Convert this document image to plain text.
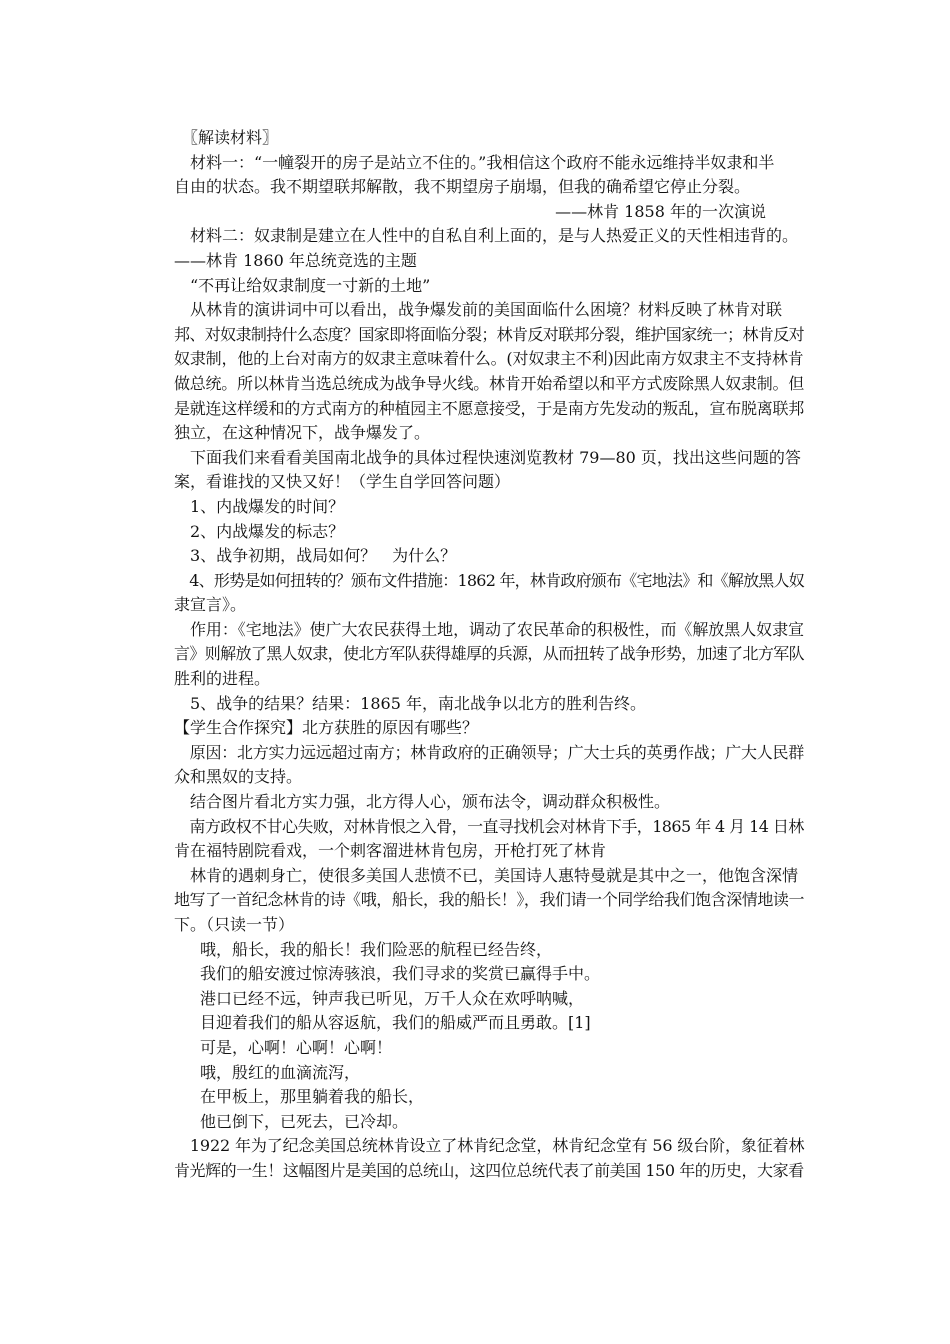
　〖解读材料〗
　材料一：“一幢裂开的房子是站立不住的。”我相信这个政府不能永远维持半奴隶和半
自由的状态。我不期望联邦解散，我不期望房子崩塌，但我的确希望它停止分裂。
——林肯 1858 年的一次演说
　材料二：奴隶制是建立在人性中的自私自利上面的，是与人热爱正义的天性相违背的。
——林肯 1860 年总统竞选的主题
　“不再让给奴隶制度一寸新的土地”
　从林肯的演讲词中可以看出，战争爆发前的美国面临什么困境？材料反映了林肯对联
邦、对奴隶制持什么态度？国家即将面临分裂；林肯反对联邦分裂，维护国家统一；林肯反对
奴隶制，他的上台对南方的奴隶主意味着什么。(对奴隶主不利)因此南方奴隶主不支持林肯
做总统。所以林肯当选总统成为战争导火线。林肯开始希望以和平方式废除黑人奴隶制。但
是就连这样缓和的方式南方的种植园主不愿意接受，于是南方先发动的叛乱，宣布脱离联邦
独立，在这种情况下，战争爆发了。
　下面我们来看看美国南北战争的具体过程快速浏览教材 79—80 页，找出这些问题的答
案，看谁找的又快又好！（学生自学回答问题）
　1、内战爆发的时间？
　2、内战爆发的标志？
　3、战争初期，战局如何？　为什么？
　4、形势是如何扭转的？颁布文件措施：1862 年，林肯政府颁布《宅地法》和《解放黑人奴
隶宣言》。
　作用：《宅地法》使广大农民获得土地，调动了农民革命的积极性，而《解放黑人奴隶宣
言》则解放了黑人奴隶，使北方军队获得雄厚的兵源，从而扭转了战争形势，加速了北方军队
胜利的进程。
　5、战争的结果？结果：1865 年，南北战争以北方的胜利告终。
【学生合作探究】北方获胜的原因有哪些？
　原因：北方实力远远超过南方；林肯政府的正确领导；广大士兵的英勇作战；广大人民群
众和黑奴的支持。
　结合图片看北方实力强，北方得人心，颁布法令，调动群众积极性。
　南方政权不甘心失败，对林肯恨之入骨，一直寻找机会对林肯下手，1865 年 4 月 14 日林
肯在福特剧院看戏，一个刺客溜进林肯包房，开枪打死了林肯
　林肯的遇刺身亡，使很多美国人悲愤不已，美国诗人惠特曼就是其中之一，他饱含深情
地写了一首纪念林肯的诗《哦，船长，我的船长！》，我们请一个同学给我们饱含深情地读一
下。（只读一节）
　哦，船长，我的船长！我们险恶的航程已经告终，
　我们的船安渡过惊涛骇浪，我们寻求的奖赏已赢得手中。
　港口已经不远，钟声我已听见，万千人众在欢呼呐喊，
　目迎着我们的船从容返航，我们的船威严而且勇敢。[1]
　可是，心啊！心啊！心啊！
　哦，殷红的血滴流泻，
　在甲板上，那里躺着我的船长，
　他已倒下，已死去，已冷却。
　1922 年为了纪念美国总统林肯设立了林肯纪念堂，林肯纪念堂有 56 级台阶，象征着林
肯光辉的一生！这幅图片是美国的总统山，这四位总统代表了前美国 150 年的历史，大家看
